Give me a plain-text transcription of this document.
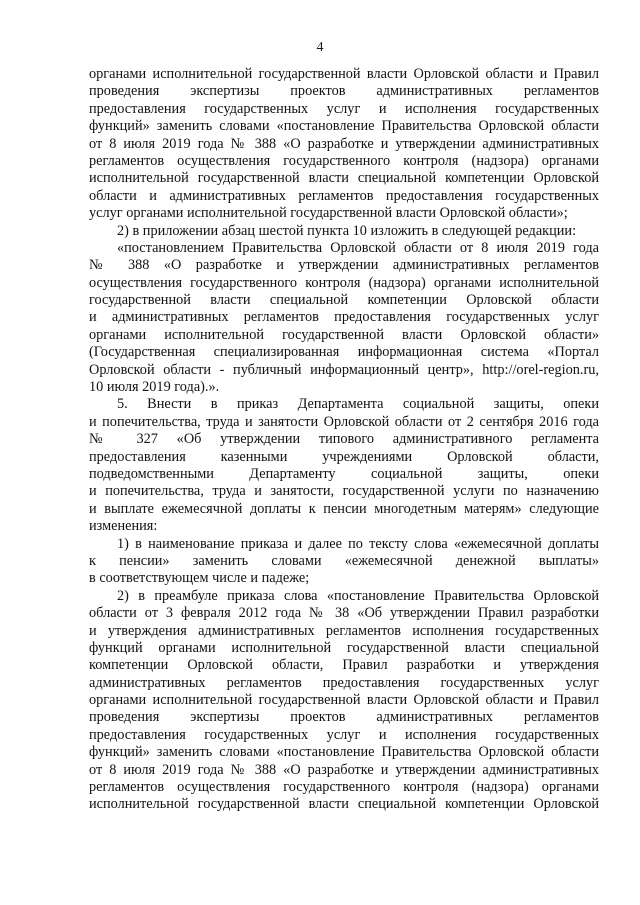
4
органами исполнительной государственной власти Орловской области и Правил
проведения экспертизы проектов административных регламентов
предоставления государственных услуг и исполнения государственных
функций» заменить словами «постановление Правительства Орловской области
от 8 июля 2019 года № 388 «О разработке и утверждении административных
регламентов осуществления государственного контроля (надзора) органами
исполнительной государственной власти специальной компетенции Орловской
области и административных регламентов предоставления государственных
услуг органами исполнительной государственной власти Орловской области»;
2) в приложении абзац шестой пункта 10 изложить в следующей редакции:
«постановлением Правительства Орловской области от 8 июля 2019 года
№ 388 «О разработке и утверждении административных регламентов
осуществления государственного контроля (надзора) органами исполнительной
государственной власти специальной компетенции Орловской области
и административных регламентов предоставления государственных услуг
органами исполнительной государственной власти Орловской области»
(Государственная специализированная информационная система «Портал
Орловской области - публичный информационный центр», http://orel-region.ru,
10 июля 2019 года).».
5. Внести в приказ Департамента социальной защиты, опеки
и попечительства, труда и занятости Орловской области от 2 сентября 2016 года
№ 327 «Об утверждении типового административного регламента
предоставления казенными учреждениями Орловской области,
подведомственными Департаменту социальной защиты, опеки
и попечительства, труда и занятости, государственной услуги по назначению
и выплате ежемесячной доплаты к пенсии многодетным матерям» следующие
изменения:
1) в наименование приказа и далее по тексту слова «ежемесячной доплаты
к пенсии» заменить словами «ежемесячной денежной выплаты»
в соответствующем числе и падеже;
2) в преамбуле приказа слова «постановление Правительства Орловской
области от 3 февраля 2012 года № 38 «Об утверждении Правил разработки
и утверждения административных регламентов исполнения государственных
функций органами исполнительной государственной власти специальной
компетенции Орловской области, Правил разработки и утверждения
административных регламентов предоставления государственных услуг
органами исполнительной государственной власти Орловской области и Правил
проведения экспертизы проектов административных регламентов
предоставления государственных услуг и исполнения государственных
функций» заменить словами «постановление Правительства Орловской области
от 8 июля 2019 года № 388 «О разработке и утверждении административных
регламентов осуществления государственного контроля (надзора) органами
исполнительной государственной власти специальной компетенции Орловской
